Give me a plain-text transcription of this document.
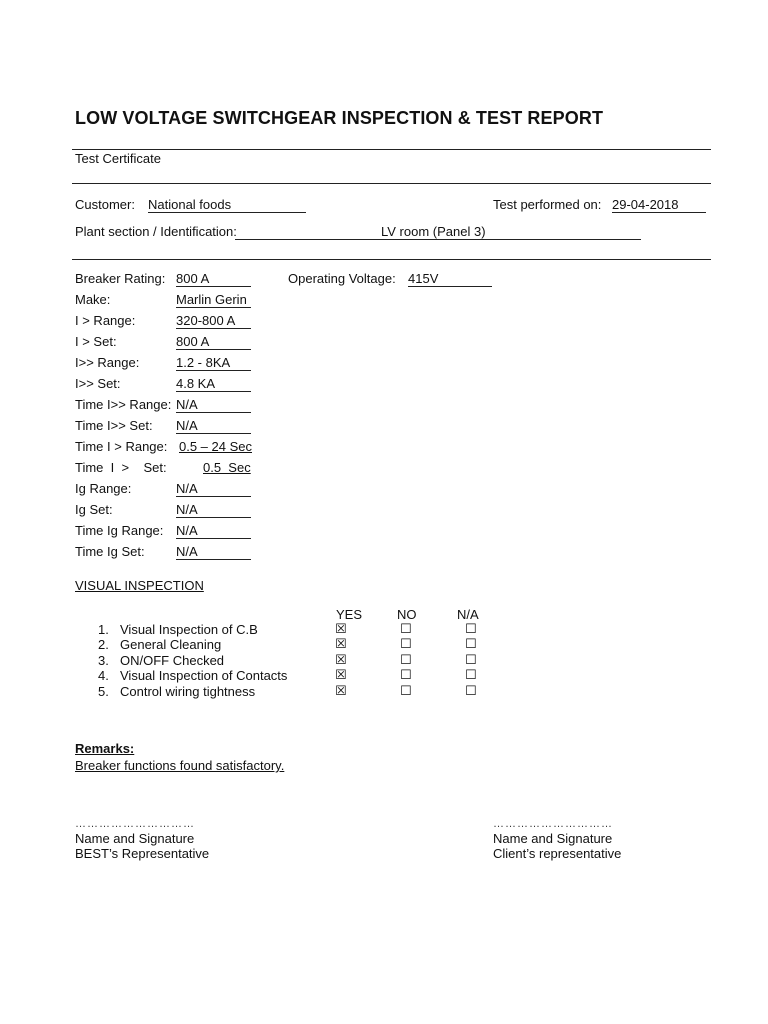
LOW VOLTAGE SWITCHGEAR INSPECTION & TEST REPORT
Test Certificate
Customer: National foods	Test performed on: 29-04-2018
Plant section / Identification:	LV room (Panel 3)
Breaker Rating: 800 A
Make:	Marlin Gerin
I > Range:	320-800 A
I > Set:	800 A
I>> Range:	1.2 - 8KA
I>> Set:	4.8 KA
Time I>> Range: N/A
Time I>> Set: N/A
Time I > Range: 0.5 – 24 Sec
Time  I  >    Set:	0.5  Sec
Ig Range:	N/A
Ig Set:	N/A
Time Ig Range: N/A
Time Ig Set: N/A
Operating Voltage: 415V
VISUAL INSPECTION
YES	NO	N/A
1. Visual Inspection of C.B	☒	☐	☐
2. General Cleaning	☒	☐	☐
3. ON/OFF Checked	☒	☐	☐
4. Visual Inspection of Contacts	☒	☐	☐
5. Control wiring tightness	☒	☐	☐
Remarks:
Breaker functions found satisfactory.
…………………………
Name and Signature
BEST’s Representative
…………………………
Name and Signature
Client’s representative
